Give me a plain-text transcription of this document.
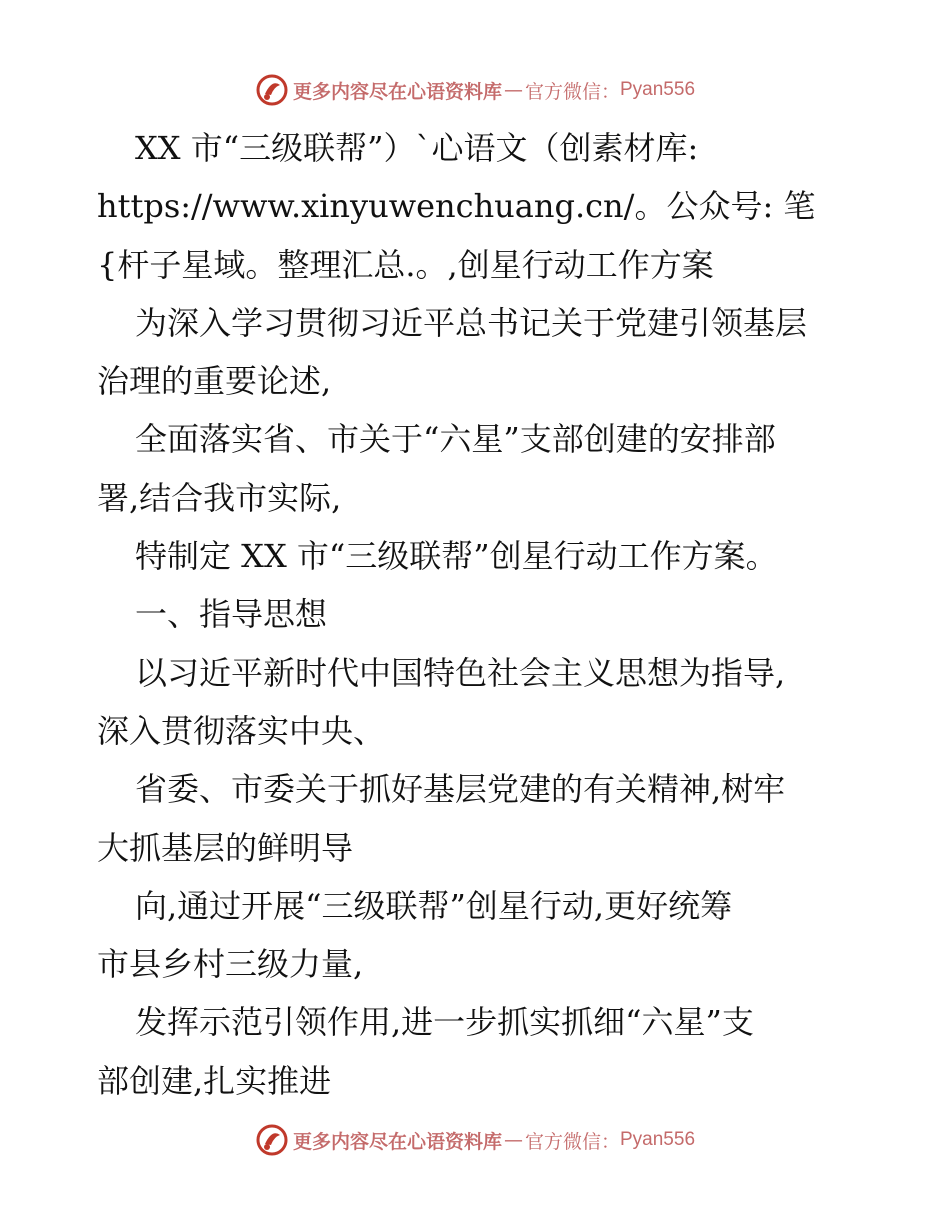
更多内容尽在心语资料库 — 官方微信： Pyan556
XX 市“三级联帮”）`心语文（创素材库:
https://www.xinyuwenchuang.cn/。公众号: 笔
{杆子星域。整理汇总.。,创星行动工作方案
为深入学习贯彻习近平总书记关于党建引领基层
治理的重要论述,
全面落实省、市关于“六星”支部创建的安排部
署,结合我市实际,
特制定 XX 市“三级联帮”创星行动工作方案。
一、指导思想
以习近平新时代中国特色社会主义思想为指导,
深入贯彻落实中央、
省委、市委关于抓好基层党建的有关精神,树牢
大抓基层的鲜明导
向,通过开展“三级联帮”创星行动,更好统筹
市县乡村三级力量,
发挥示范引领作用,进一步抓实抓细“六星”支
部创建,扎实推进
更多内容尽在心语资料库 — 官方微信： Pyan556
